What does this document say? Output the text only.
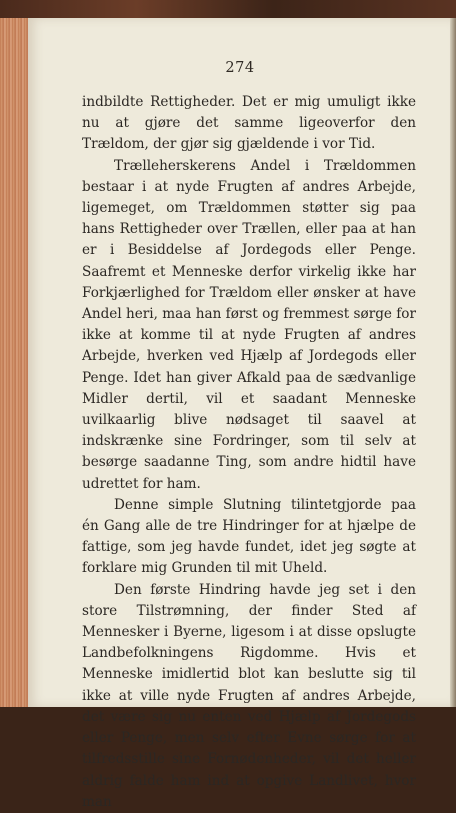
274

indbildte Rettigheder. Det er mig umuligt ikke nu at gjøre det samme ligeoverfor den Trældom, der gjør sig gjældende i vor Tid.

Trælleherskerens Andel i Trældommen bestaar i at nyde Frugten af andres Arbejde, ligemeget, om Trældommen støtter sig paa hans Rettigheder over Trællen, eller paa at han er i Besiddelse af Jordegods eller Penge. Saafremt et Menneske derfor virkelig ikke har Forkjærlighed for Trældom eller ønsker at have Andel heri, maa han først og fremmest sørge for ikke at komme til at nyde Frugten af andres Arbejde, hverken ved Hjælp af Jordegods eller Penge. Idet han giver Afkald paa de sædvanlige Midler dertil, vil et saadant Menneske uvilkaarlig blive nødsaget til saavel at indskrænke sine Fordringer, som til selv at besørge saadanne Ting, som andre hidtil have udrettet for ham.

Denne simple Slutning tilintetgjorde paa én Gang alle de tre Hindringer for at hjælpe de fattige, som jeg havde fundet, idet jeg søgte at forklare mig Grunden til mit Uheld.

Den første Hindring havde jeg set i den store Tilstrømning, der finder Sted af Mennesker i Byerne, ligesom i at disse opslugte Landbefolkningens Rigdomme. Hvis et Menneske imidlertid blot kan beslutte sig til ikke at ville nyde Frugten af andres Arbejde, det være sig nu enten ved Hjælp af Jordegods eller Penge, men selv efter Evne sørge for at tilfredsstille sine Fornødenheder, vil det heller aldrig falde ham ind at opgive Landlivet, hvor man
